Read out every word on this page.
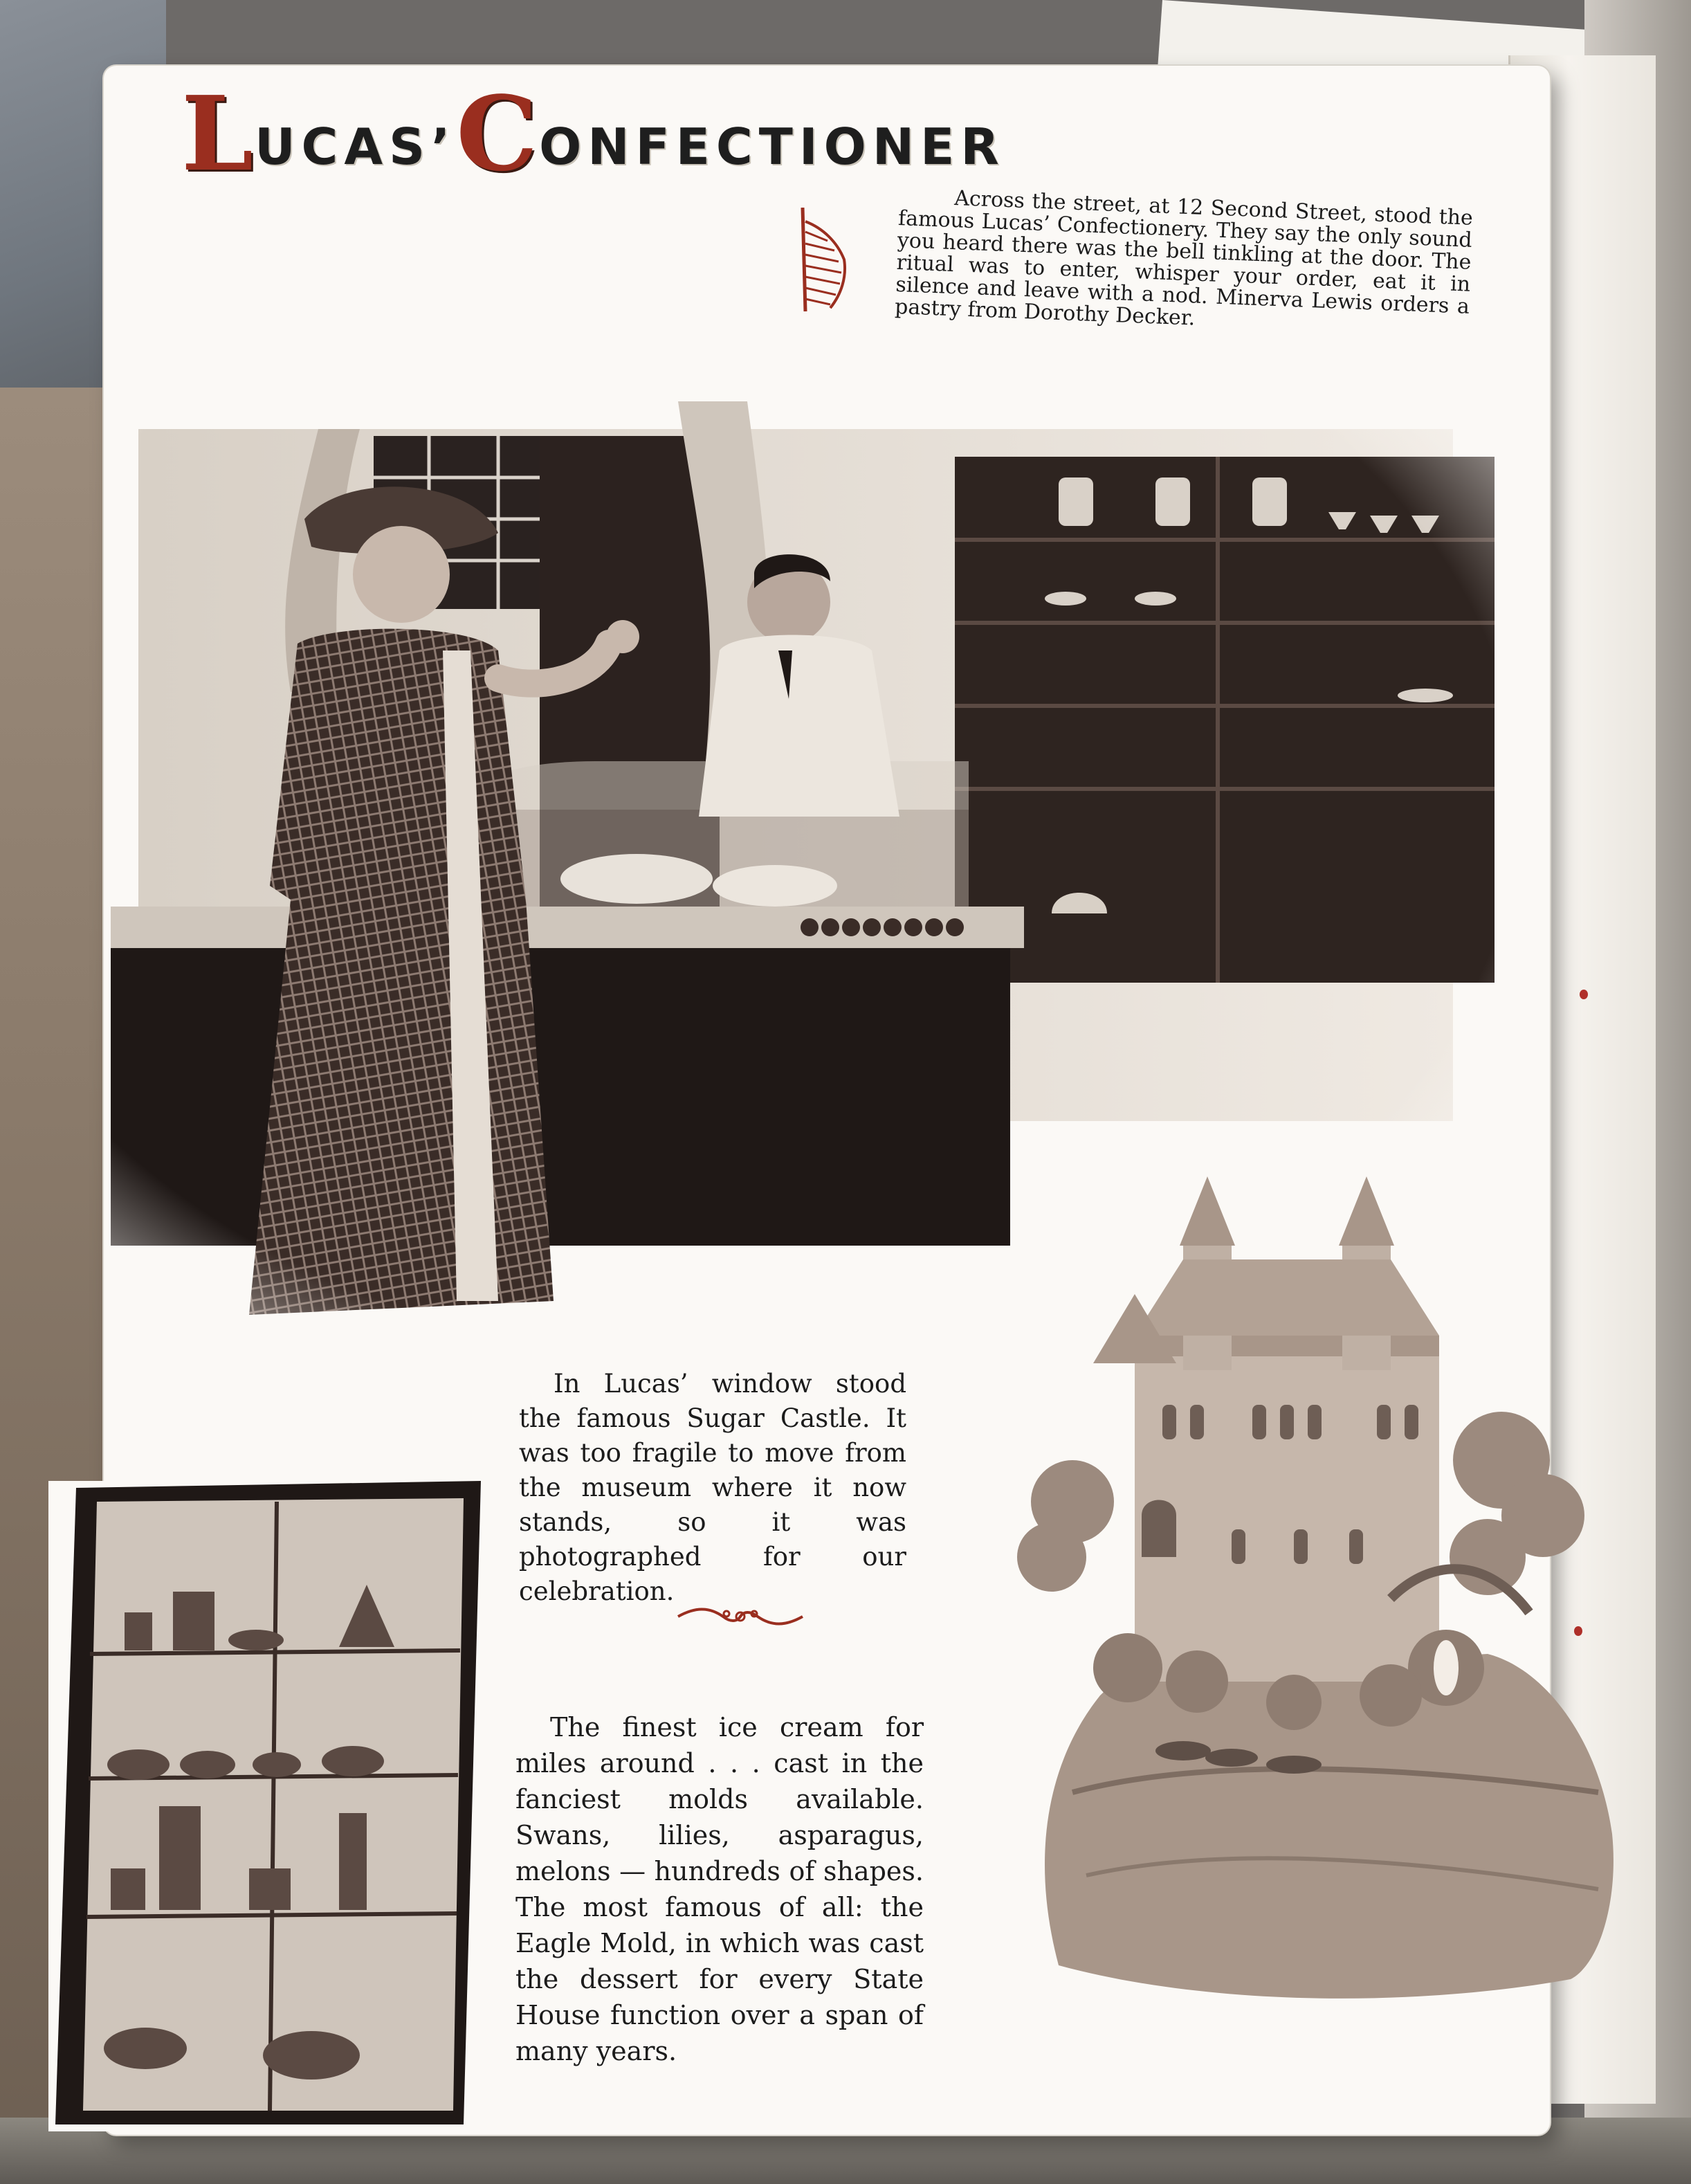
LUCAS’CONFECTIONER
Across the street, at 12 Second Street, stood the famous Lucas’ Confectionery. They say the only sound you heard there was the bell tinkling at the door. The ritual was to enter, whisper your order, eat it in silence and leave with a nod. Minerva Lewis orders a pastry from Dorothy Decker.
In Lucas’ window stood the famous Sugar Castle. It was too fragile to move from the museum where it now stands, so it was photographed for our celebration.
The finest ice cream for miles around . . . cast in the fanciest molds available. Swans, lilies, asparagus, melons — hundreds of shapes. The most famous of all: the Eagle Mold, in which was cast the dessert for every State House function over a span of many years.
